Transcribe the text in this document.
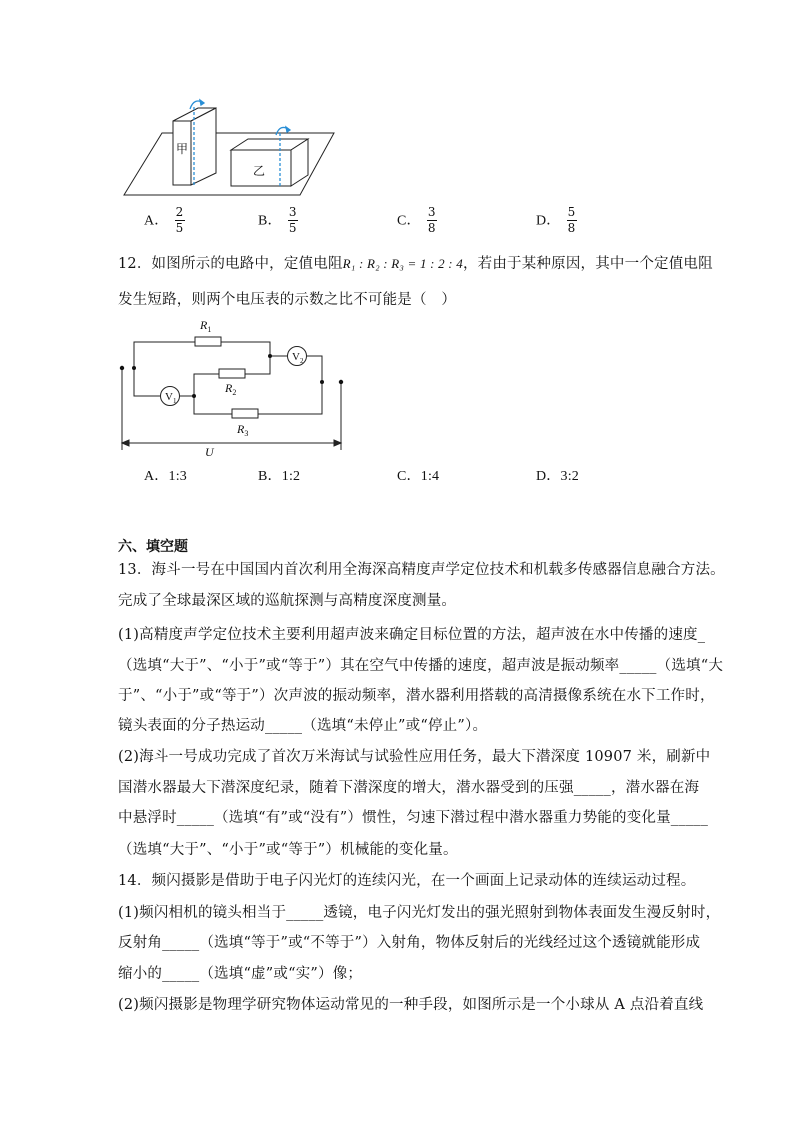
甲
乙
A． $\frac{2}{5}$	B． $\frac{3}{5}$	C． $\frac{3}{8}$	D． $\frac{5}{8}$
12．如图所示的电路中，定值电阻R₁ : R₂ : R₃ = 1 : 2 : 4，若由于某种原因，其中一个定值电阻
发生短路，则两个电压表的示数之比不可能是（　）
$R_1$
$R_2$
$R_3$
$V_1$
$V_2$
U
A．1:3	B．1:2	C．1:4	D．3:2
六、填空题
13．海斗一号在中国国内首次利用全海深高精度声学定位技术和机载多传感器信息融合方法。
完成了全球最深区域的巡航探测与高精度深度测量。
(1)高精度声学定位技术主要利用超声波来确定目标位置的方法，超声波在水中传播的速度_
（选填“大于”、“小于”或“等于”）其在空气中传播的速度，超声波是振动频率_____（选填“大
于”、“小于”或“等于”）次声波的振动频率，潜水器利用搭载的高清摄像系统在水下工作时，
镜头表面的分子热运动_____（选填“未停止”或“停止”）。
(2)海斗一号成功完成了首次万米海试与试验性应用任务，最大下潜深度 10907 米，刷新中
国潜水器最大下潜深度纪录，随着下潜深度的增大，潜水器受到的压强_____，潜水器在海
中悬浮时_____（选填“有”或“没有”）惯性，匀速下潜过程中潜水器重力势能的变化量_____
（选填“大于”、“小于”或“等于”）机械能的变化量。
14．频闪摄影是借助于电子闪光灯的连续闪光，在一个画面上记录动体的连续运动过程。
(1)频闪相机的镜头相当于_____透镜，电子闪光灯发出的强光照射到物体表面发生漫反射时，
反射角_____（选填“等于”或“不等于”）入射角，物体反射后的光线经过这个透镜就能形成
缩小的_____（选填“虚”或“实”）像；
(2)频闪摄影是物理学研究物体运动常见的一种手段，如图所示是一个小球从 A 点沿着直线
